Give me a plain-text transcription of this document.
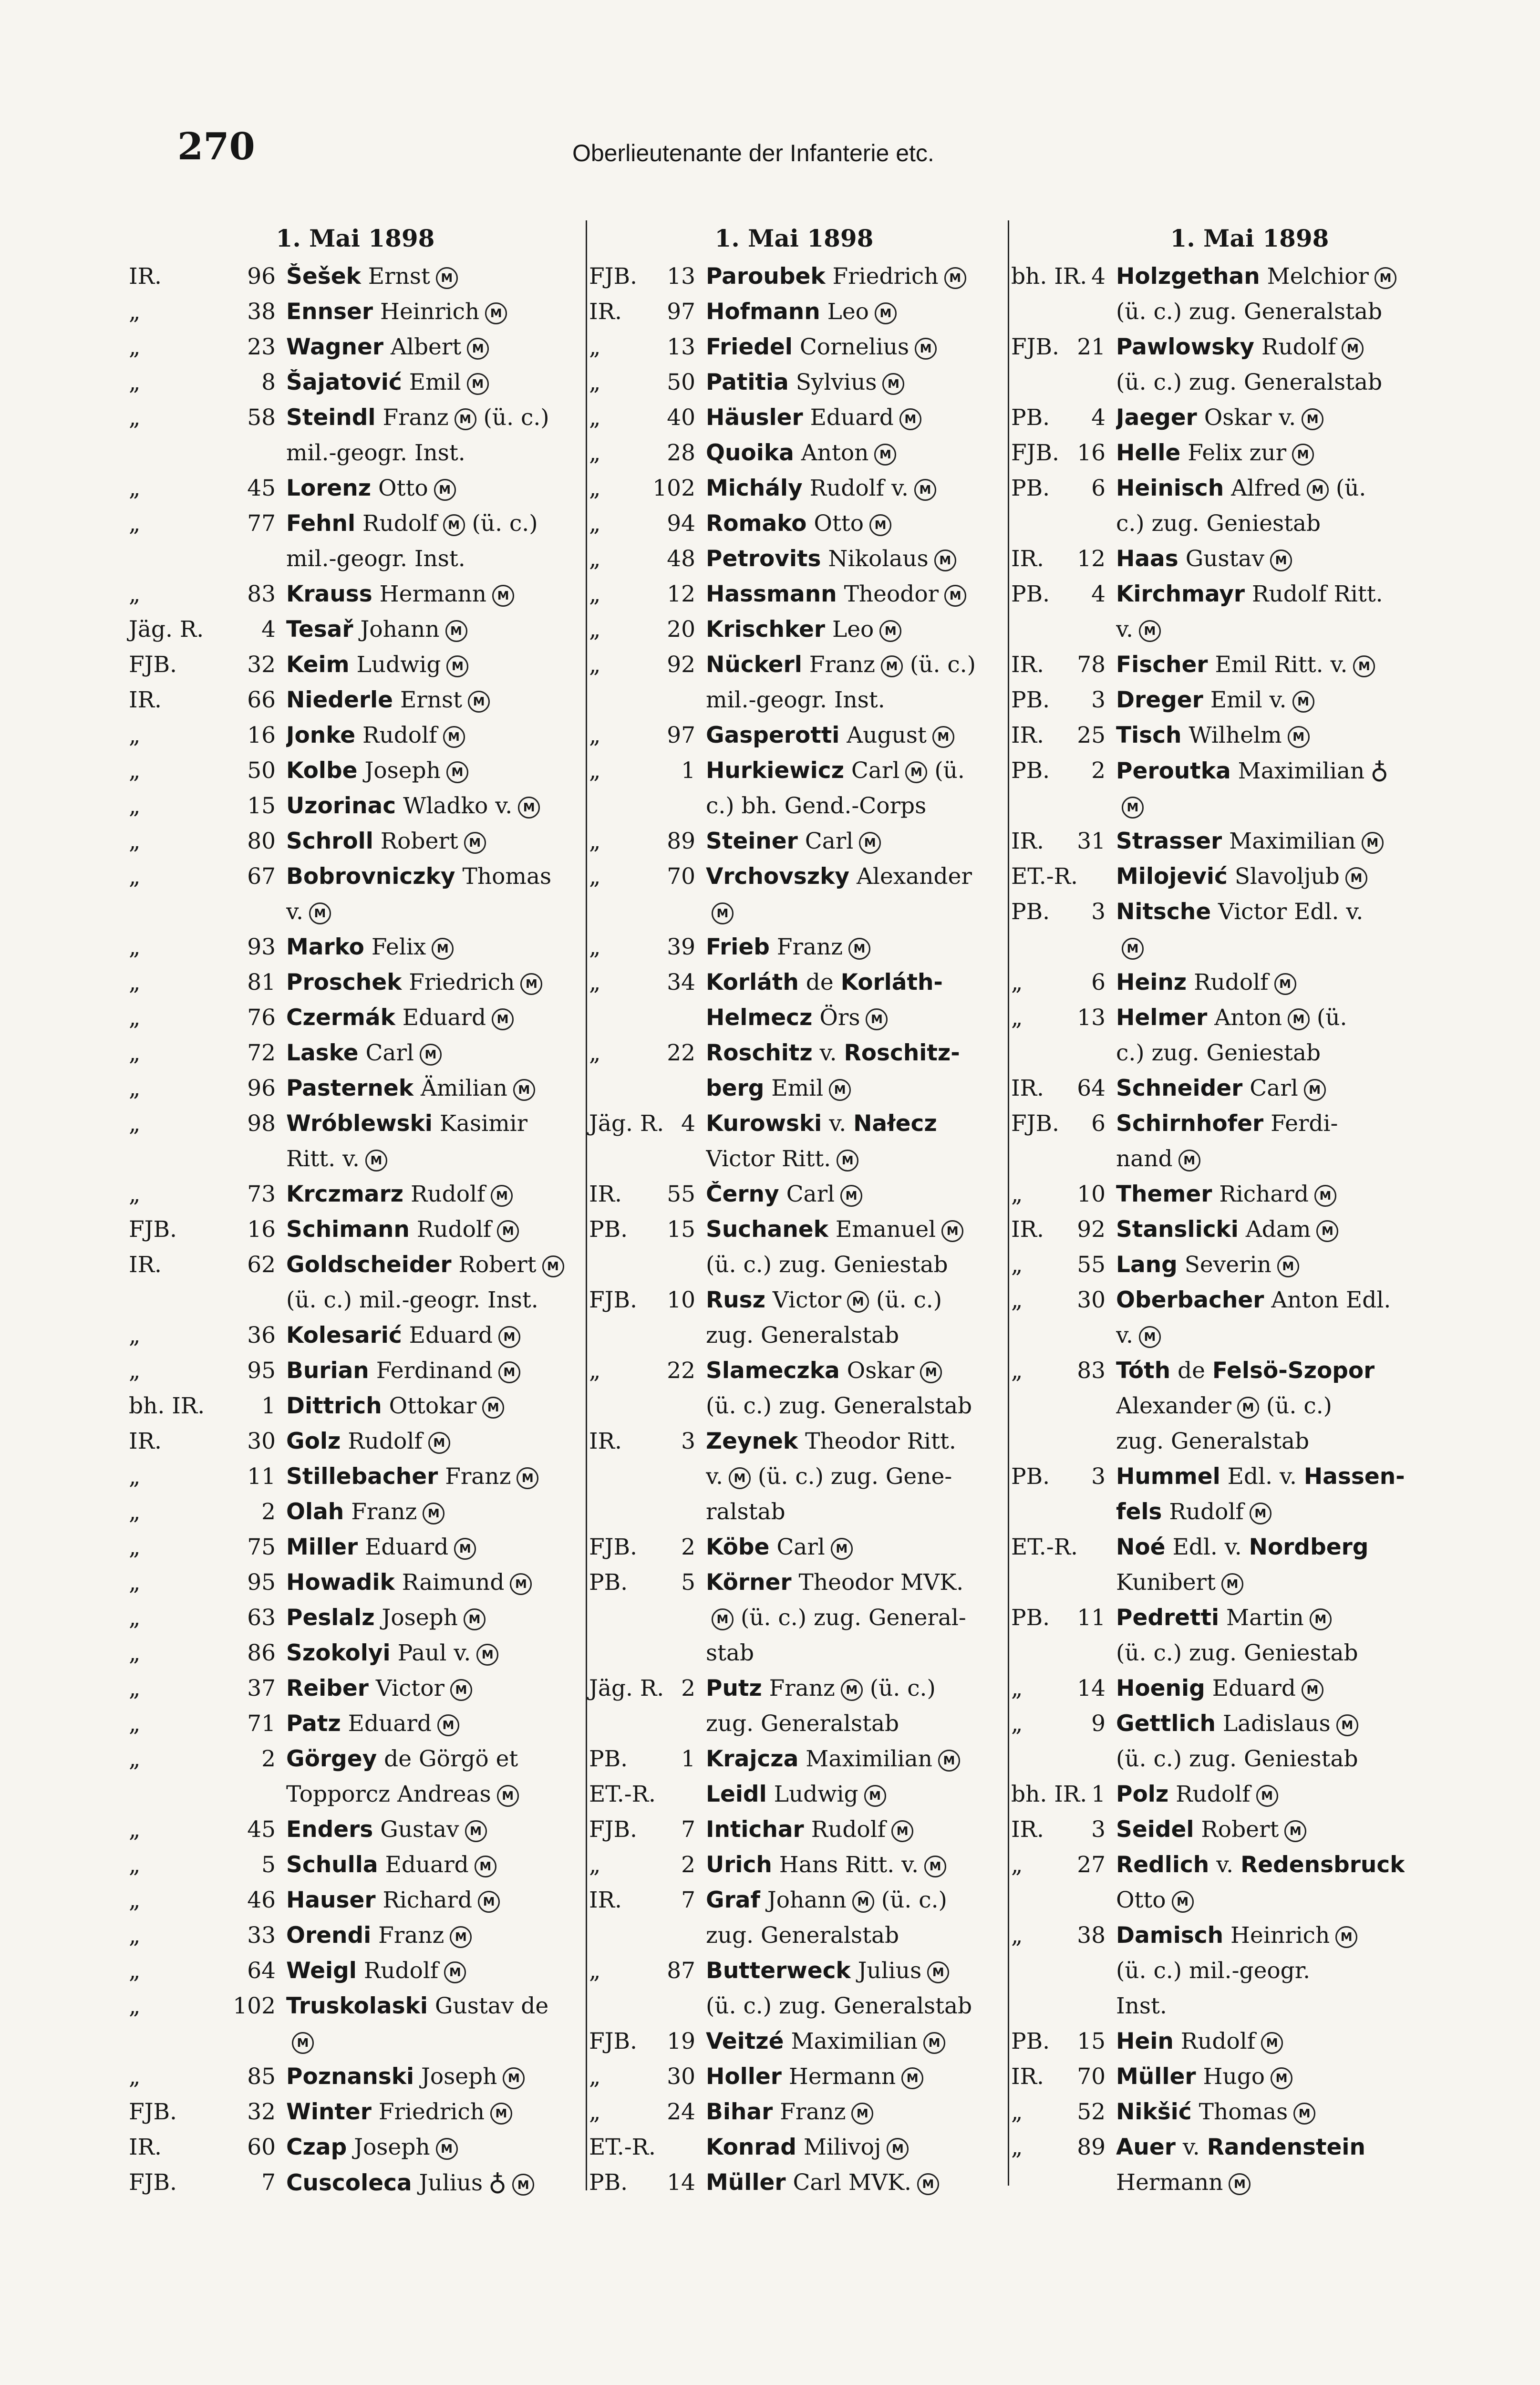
270	Oberlieutenante der Infanterie etc.
1. Mai 1898
IR.	96 Šešek Ernst M
„	38 Ennser Heinrich M
„	23 Wagner Albert M
„	8 Šajatović Emil M
„	58 Steindl Franz M (ü. c.)
mil.-geogr. Inst.
„	45 Lorenz Otto M
„	77 Fehnl Rudolf M (ü. c.)
mil.-geogr. Inst.
„	83 Krauss Hermann M
Jäg. R.	4 Tesař Johann M
FJB.	32 Keim Ludwig M
IR.	66 Niederle Ernst M
„	16 Jonke Rudolf M
„	50 Kolbe Joseph M
„	15 Uzorinac Wladko v. M
„	80 Schroll Robert M
„	67 Bobrovniczky Thomas
v. M
„	93 Marko Felix M
„	81 Proschek Friedrich M
„	76 Czermák Eduard M
„	72 Laske Carl M
„	96 Pasternek Ämilian M
„	98 Wróblewski Kasimir
Ritt. v. M
„	73 Krczmarz Rudolf M
FJB.	16 Schimann Rudolf M
IR.	62 Goldscheider Robert M
(ü. c.) mil.-geogr. Inst.
„	36 Kolesarić Eduard M
„	95 Burian Ferdinand M
bh. IR.	1 Dittrich Ottokar M
IR.	30 Golz Rudolf M
„	11 Stillebacher Franz M
„	2 Olah Franz M
„	75 Miller Eduard M
„	95 Howadik Raimund M
„	63 Peslalz Joseph M
„	86 Szokolyi Paul v. M
„	37 Reiber Victor M
„	71 Patz Eduard M
„	2 Görgey de Görgö et
Topporcz Andreas M
„	45 Enders Gustav M
„	5 Schulla Eduard M
„	46 Hauser Richard M
„	33 Orendi Franz M
„	64 Weigl Rudolf M
„	102 Truskolaski Gustav de
M
„	85 Poznanski Joseph M
FJB.	32 Winter Friedrich M
IR.	60 Czap Joseph M
FJB.	7 Cuscoleca Julius ♁ M
1. Mai 1898
FJB.	13 Paroubek Friedrich M
IR.	97 Hofmann Leo M
„	13 Friedel Cornelius M
„	50 Patitia Sylvius M
„	40 Häusler Eduard M
„	28 Quoika Anton M
„	102 Michály Rudolf v. M
„	94 Romako Otto M
„	48 Petrovits Nikolaus M
„	12 Hassmann Theodor M
„	20 Krischker Leo M
„	92 Nückerl Franz M (ü. c.)
mil.-geogr. Inst.
„	97 Gasperotti August M
„	1 Hurkiewicz Carl M (ü.
c.) bh. Gend.-Corps
„	89 Steiner Carl M
„	70 Vrchovszky Alexander
M
„	39 Frieb Franz M
„	34 Korláth de Korláth-
Helmecz Örs M
„	22 Roschitz v. Roschitz-
berg Emil M
Jäg. R. 4 Kurowski v. Nałecz
Victor Ritt. M
IR.	55 Černy Carl M
PB.	15 Suchanek Emanuel M
(ü. c.) zug. Geniestab
FJB.	10 Rusz Victor M (ü. c.)
zug. Generalstab
„	22 Slameczka Oskar M
(ü. c.) zug. Generalstab
IR.	3 Zeynek Theodor Ritt.
v. M (ü. c.) zug. Gene-
ralstab
FJB.	2 Köbe Carl M
PB.	5 Körner Theodor MVK.
M (ü. c.) zug. General-
stab
Jäg. R. 2 Putz Franz M (ü. c.)
zug. Generalstab
PB.	1 Krajcza Maximilian M
ET.-R. Leidl Ludwig M
FJB.	7 Intichar Rudolf M
„	2 Urich Hans Ritt. v. M
IR.	7 Graf Johann M (ü. c.)
zug. Generalstab
„	87 Butterweck Julius M
(ü. c.) zug. Generalstab
FJB.	19 Veitzé Maximilian M
„	30 Holler Hermann M
„	24 Bihar Franz M
ET.-R. Konrad Milivoj M
PB.	14 Müller Carl MVK. M
1. Mai 1898
bh. IR. 4 Holzgethan Melchior M
(ü. c.) zug. Generalstab
FJB. 21 Pawlowsky Rudolf M
(ü. c.) zug. Generalstab
PB.	4 Jaeger Oskar v. M
FJB. 16 Helle Felix zur M
PB.	6 Heinisch Alfred M (ü.
c.) zug. Geniestab
IR.	12 Haas Gustav M
PB.	4 Kirchmayr Rudolf Ritt.
v. M
IR.	78 Fischer Emil Ritt. v. M
PB.	3 Dreger Emil v. M
IR.	25 Tisch Wilhelm M
PB.	2 Peroutka Maximilian ♁
M
IR.	31 Strasser Maximilian M
ET.-R. Milojević Slavoljub M
PB.	3 Nitsche Victor Edl. v.
M
„	6 Heinz Rudolf M
„	13 Helmer Anton M (ü.
c.) zug. Geniestab
IR.	64 Schneider Carl M
FJB.	6 Schirnhofer Ferdi-
nand M
„	10 Themer Richard M
IR.	92 Stanslicki Adam M
„	55 Lang Severin M
„	30 Oberbacher Anton Edl.
v. M
„	83 Tóth de Felsö-Szopor
Alexander M (ü. c.)
zug. Generalstab
PB.	3 Hummel Edl. v. Hassen-
fels Rudolf M
ET.-R. Noé Edl. v. Nordberg
Kunibert M
PB.	11 Pedretti Martin M
(ü. c.) zug. Geniestab
„	14 Hoenig Eduard M
„	9 Gettlich Ladislaus M
(ü. c.) zug. Geniestab
bh. IR. 1 Polz Rudolf M
IR.	3 Seidel Robert M
„	27 Redlich v. Redensbruck
Otto M
„	38 Damisch Heinrich M
(ü. c.) mil.-geogr.
Inst.
PB.	15 Hein Rudolf M
IR.	70 Müller Hugo M
„	52 Nikšić Thomas M
„	89 Auer v. Randenstein
Hermann M
